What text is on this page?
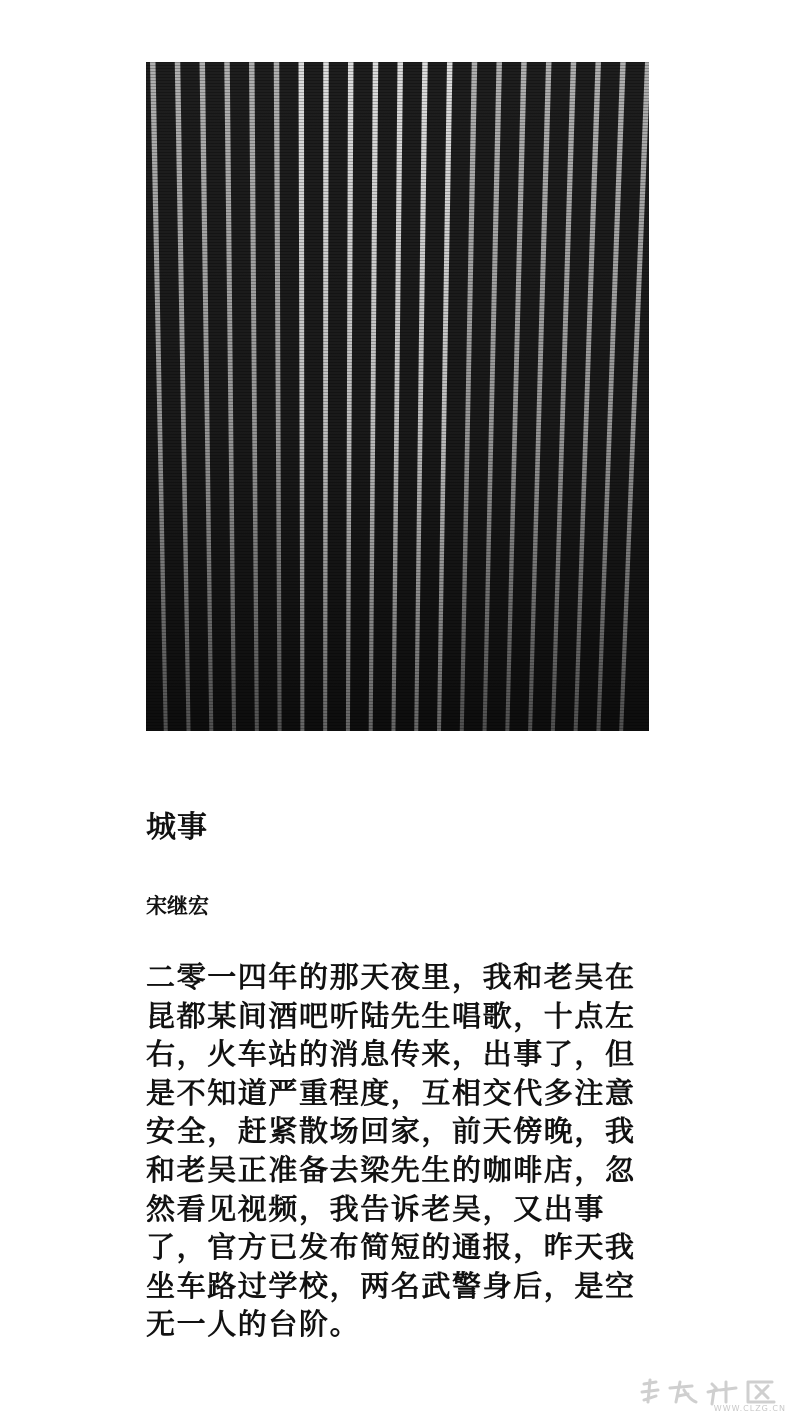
城事
宋继宏

二零一四年的那天夜里，我和老吴在昆都某间酒吧听陆先生唱歌，十点左右，火车站的消息传来，出事了，但是不知道严重程度，互相交代多注意安全，赶紧散场回家，前天傍晚，我和老吴正准备去梁先生的咖啡店，忽然看见视频，我告诉老吴，又出事了，官方已发布简短的通报，昨天我坐车路过学校，两名武警身后，是空无一人的台阶。

WWW.CLZG.CN
